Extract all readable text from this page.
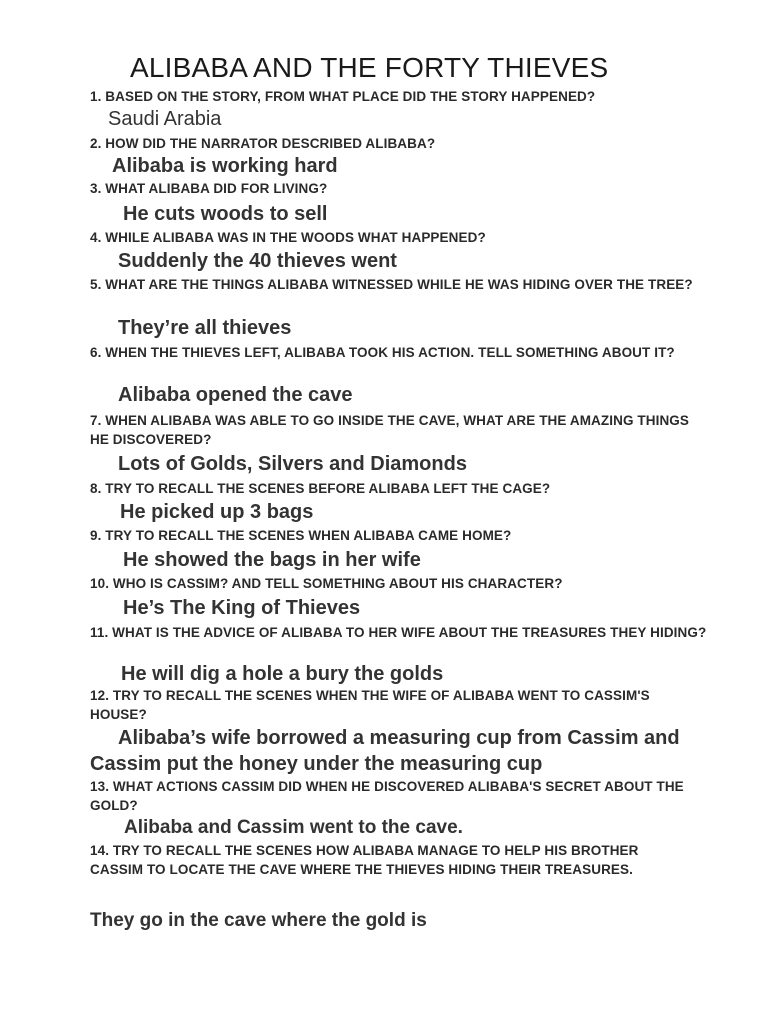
ALIBABA AND THE FORTY THIEVES
1. BASED ON THE STORY, FROM WHAT PLACE DID THE STORY HAPPENED?
Saudi Arabia
2. HOW DID THE NARRATOR DESCRIBED ALIBABA?
Alibaba is working hard
3. WHAT ALIBABA DID FOR LIVING?
He cuts woods to sell
4. WHILE ALIBABA WAS IN THE WOODS WHAT HAPPENED?
Suddenly the 40 thieves went
5. WHAT ARE THE THINGS ALIBABA WITNESSED WHILE HE WAS HIDING OVER THE TREE?
They’re all thieves
6. WHEN THE THIEVES LEFT, ALIBABA TOOK HIS ACTION. TELL SOMETHING ABOUT IT?
Alibaba opened the cave
7. WHEN ALIBABA WAS ABLE TO GO INSIDE THE CAVE, WHAT ARE THE AMAZING THINGS HE DISCOVERED?
Lots of Golds, Silvers and Diamonds
8. TRY TO RECALL THE SCENES BEFORE ALIBABA LEFT THE CAGE?
He picked up 3 bags
9. TRY TO RECALL THE SCENES WHEN ALIBABA CAME HOME?
He showed the bags in her wife
10. WHO IS CASSIM? AND TELL SOMETHING ABOUT HIS CHARACTER?
He’s The King of Thieves
11. WHAT IS THE ADVICE OF ALIBABA TO HER WIFE ABOUT THE TREASURES THEY HIDING?
He will dig a hole a bury the golds
12. TRY TO RECALL THE SCENES WHEN THE WIFE OF ALIBABA WENT TO CASSIM'S HOUSE?
Alibaba’s wife borrowed a measuring cup from Cassim and Cassim put the honey under the measuring cup
13. WHAT ACTIONS CASSIM DID WHEN HE DISCOVERED ALIBABA'S SECRET ABOUT THE GOLD?
Alibaba and Cassim went to the cave.
14. TRY TO RECALL THE SCENES HOW ALIBABA MANAGE TO HELP HIS BROTHER CASSIM TO LOCATE THE CAVE WHERE THE THIEVES HIDING THEIR TREASURES.
They go in the cave where the gold is
